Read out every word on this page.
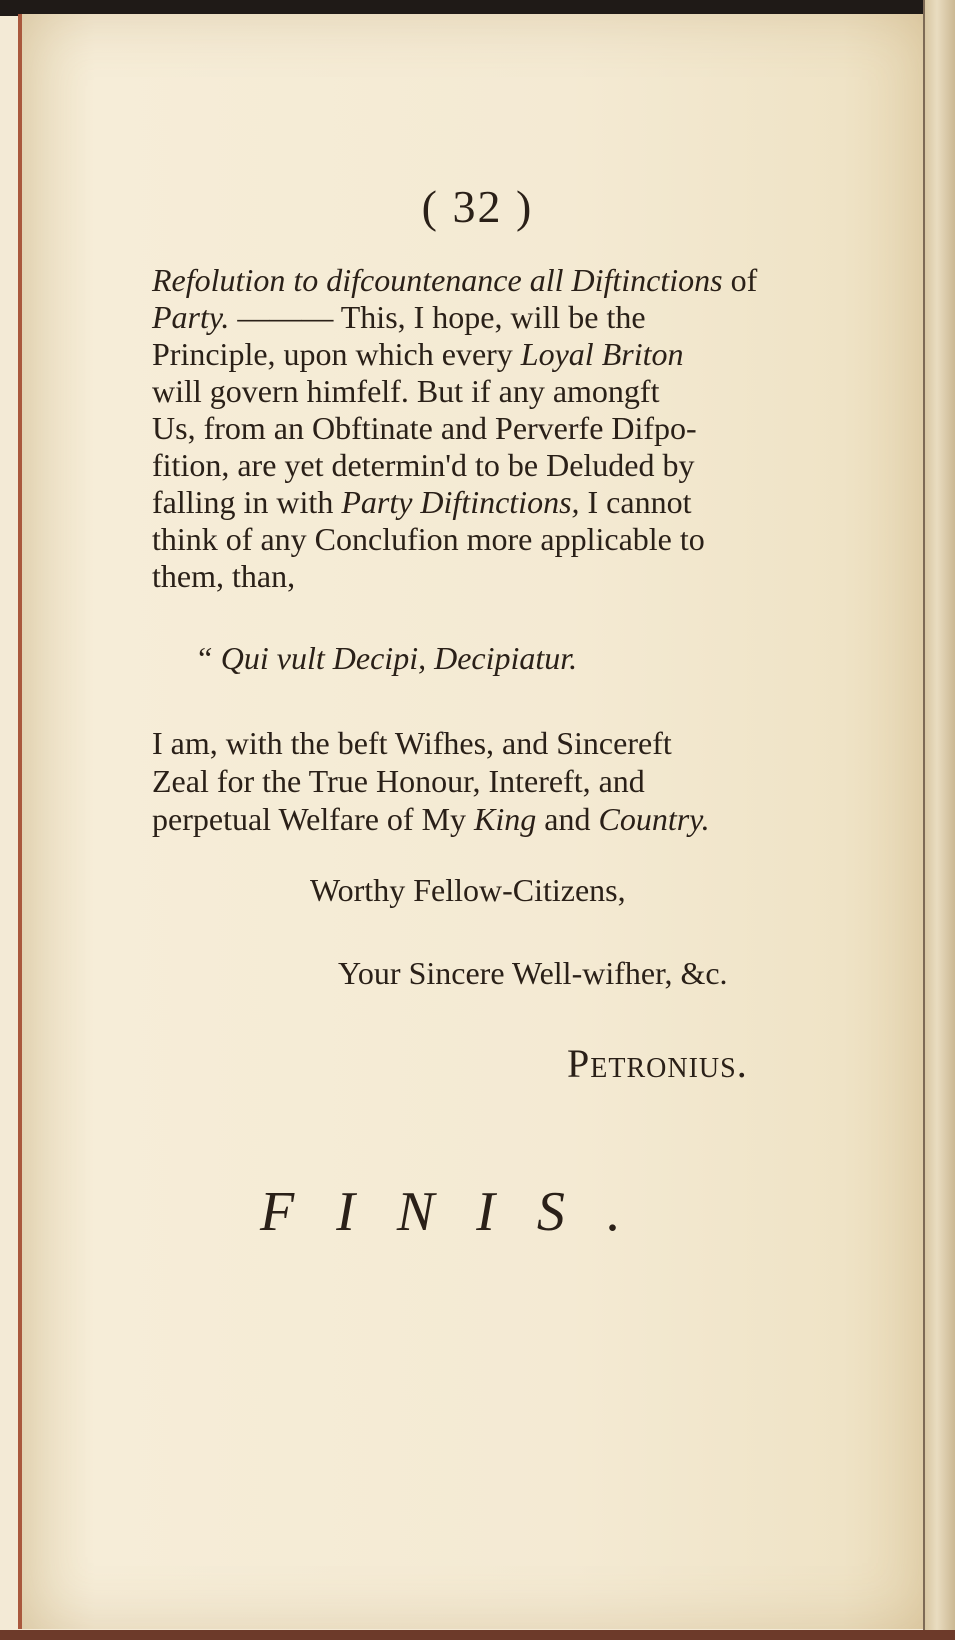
( 32 )
Refolution to difcountenance all Diftinctions of
Party. ——— This, I hope, will be the
Principle, upon which every Loyal Briton
will govern himfelf. But if any amongft
Us, from an Obftinate and Perverfe Difpo-
fition, are yet determin'd to be Deluded by
falling in with Party Diftinctions, I cannot
think of any Conclufion more applicable to
them, than,
“ Qui vult Decipi, Decipiatur.
I am, with the beft Wifhes, and Sincereft
Zeal for the True Honour, Intereft, and
perpetual Welfare of My King and Country.
Worthy Fellow-Citizens,
Your Sincere Well-wifher, &c.
Petronius.
FINIS.
